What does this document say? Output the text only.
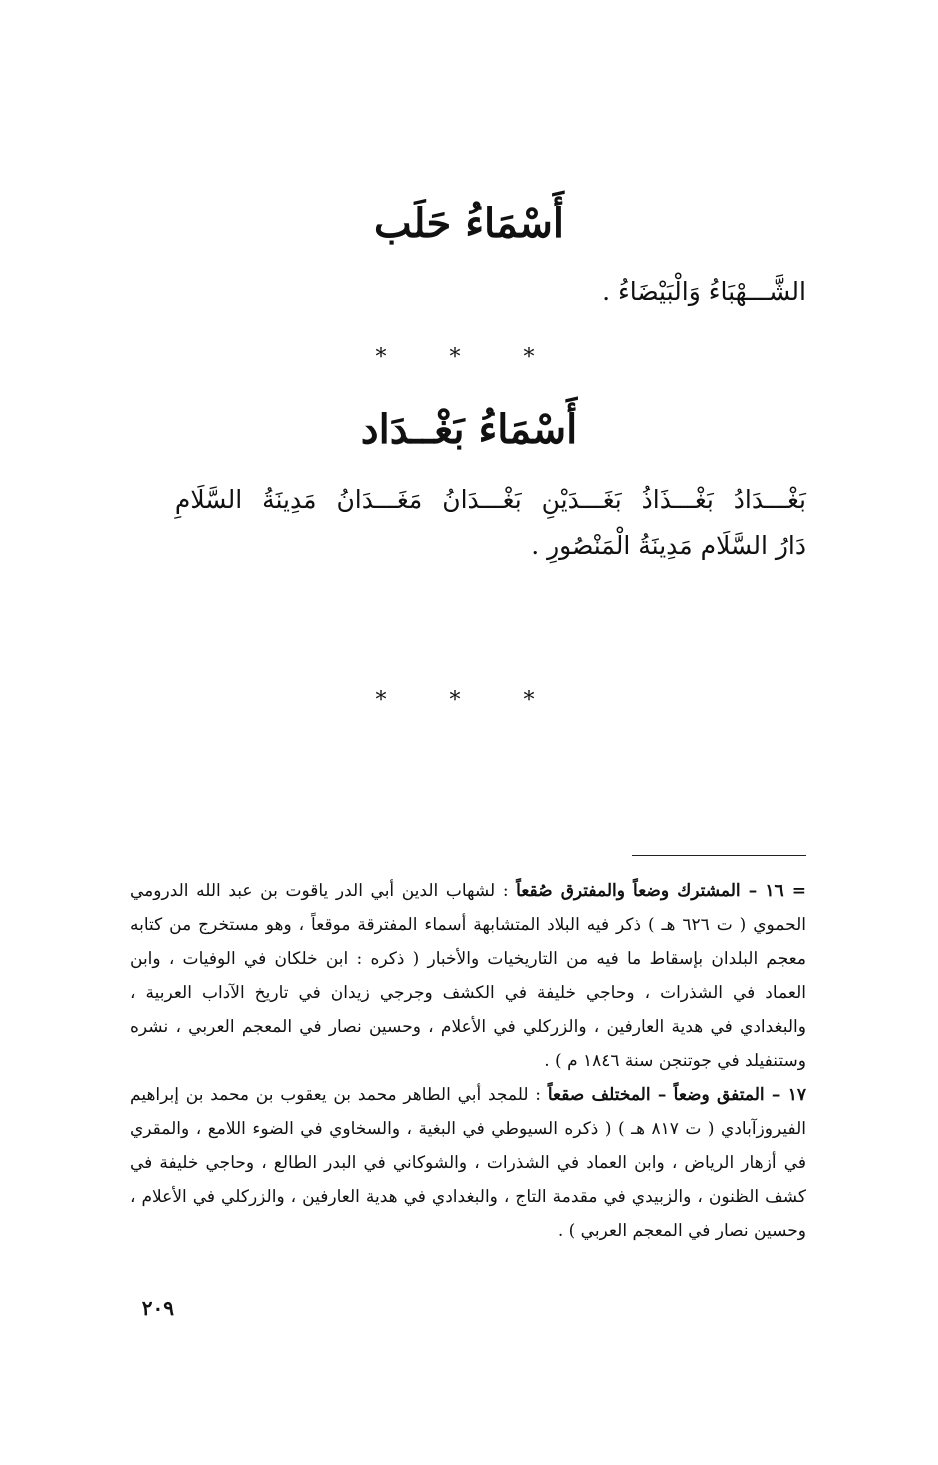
أَسْمَاءُ حَلَب
الشَّـــهْبَاءُ وَالْبَيْضَاءُ .
* * *
أَسْمَاءُ بَغْــدَاد
بَغْـــدَادُ بَغْـــذَاذُ بَغَـــدَيْنِ بَغْـــدَانُ مَغَـــدَانُ مَدِينَةُ السَّلَامِ
دَارُ السَّلَام مَدِينَةُ الْمَنْصُورِ .
* * *

= ١٦ – المشترك وضعاً والمفترق صُقعاً : لشهاب الدين أبي الدر ياقوت بن عبد الله الدرومي الحموي ( ت ٦٢٦ هـ ) ذكر فيه البلاد المتشابهة أسماء المفترقة موقعاً ، وهو مستخرج من كتابه معجم البلدان بإسقاط ما فيه من التاريخيات والأخبار ( ذكره : ابن خلكان في الوفيات ، وابن العماد في الشذرات ، وحاجي خليفة في الكشف وجرجي زيدان في تاريخ الآداب العربية ، والبغدادي في هدية العارفين ، والزركلي في الأعلام ، وحسين نصار في المعجم العربي ، نشره وستنفيلد في جوتنجن سنة ١٨٤٦ م ) .

١٧ – المتفق وضعاً – المختلف صقعاً : للمجد أبي الطاهر محمد بن يعقوب بن محمد بن إبراهيم الفيروزآبادي ( ت ٨١٧ هـ ) ( ذكره السيوطي في البغية ، والسخاوي في الضوء اللامع ، والمقري في أزهار الرياض ، وابن العماد في الشذرات ، والشوكاني في البدر الطالع ، وحاجي خليفة في كشف الظنون ، والزبيدي في مقدمة التاج ، والبغدادي في هدية العارفين ، والزركلي في الأعلام ، وحسين نصار في المعجم العربي ) .

٢٠٩
